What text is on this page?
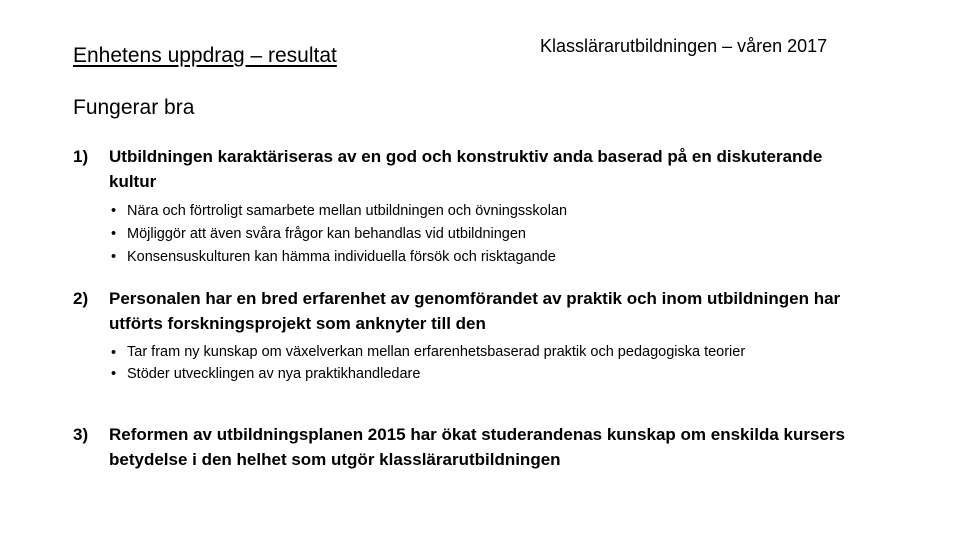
Enhetens uppdrag – resultat	Klasslärarutbildningen – våren 2017
Fungerar bra
1)	Utbildningen karaktäriseras av en god och konstruktiv anda baserad på en diskuterande kultur
• Nära och förtroligt samarbete mellan utbildningen och övningsskolan
• Möjliggör att även svåra frågor kan behandlas vid utbildningen
• Konsensuskulturen kan hämma individuella försök och risktagande
2)	Personalen har en bred erfarenhet av genomförandet av praktik och inom utbildningen har utförts forskningsprojekt som anknyter till den
• Tar fram ny kunskap om växelverkan mellan erfarenhetsbaserad praktik och pedagogiska teorier
• Stöder utvecklingen av nya praktikhandledare
3)	Reformen av utbildningsplanen 2015 har ökat studerandenas kunskap om enskilda kursers betydelse i den helhet som utgör klasslärarutbildningen
